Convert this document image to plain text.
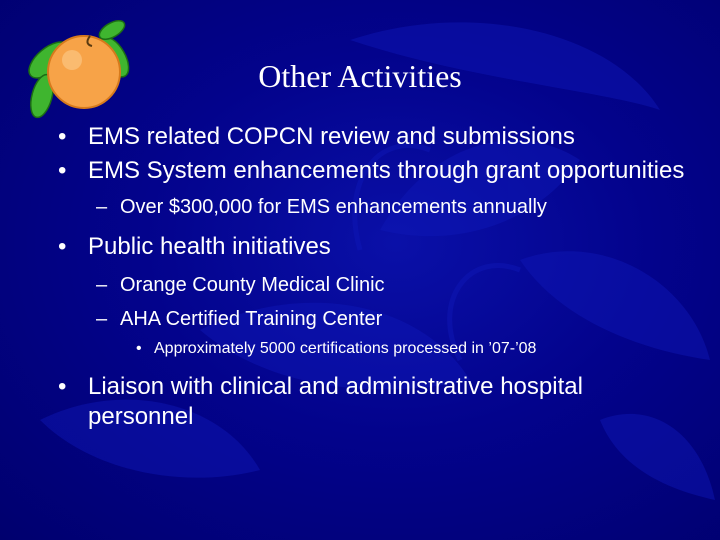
Other Activities
• EMS related COPCN review and submissions
• EMS System enhancements through grant opportunities
– Over $300,000 for EMS enhancements annually
• Public health initiatives
– Orange County Medical Clinic
– AHA Certified Training Center
• Approximately 5000 certifications processed in ’07-’08
• Liaison with clinical and administrative hospital personnel
